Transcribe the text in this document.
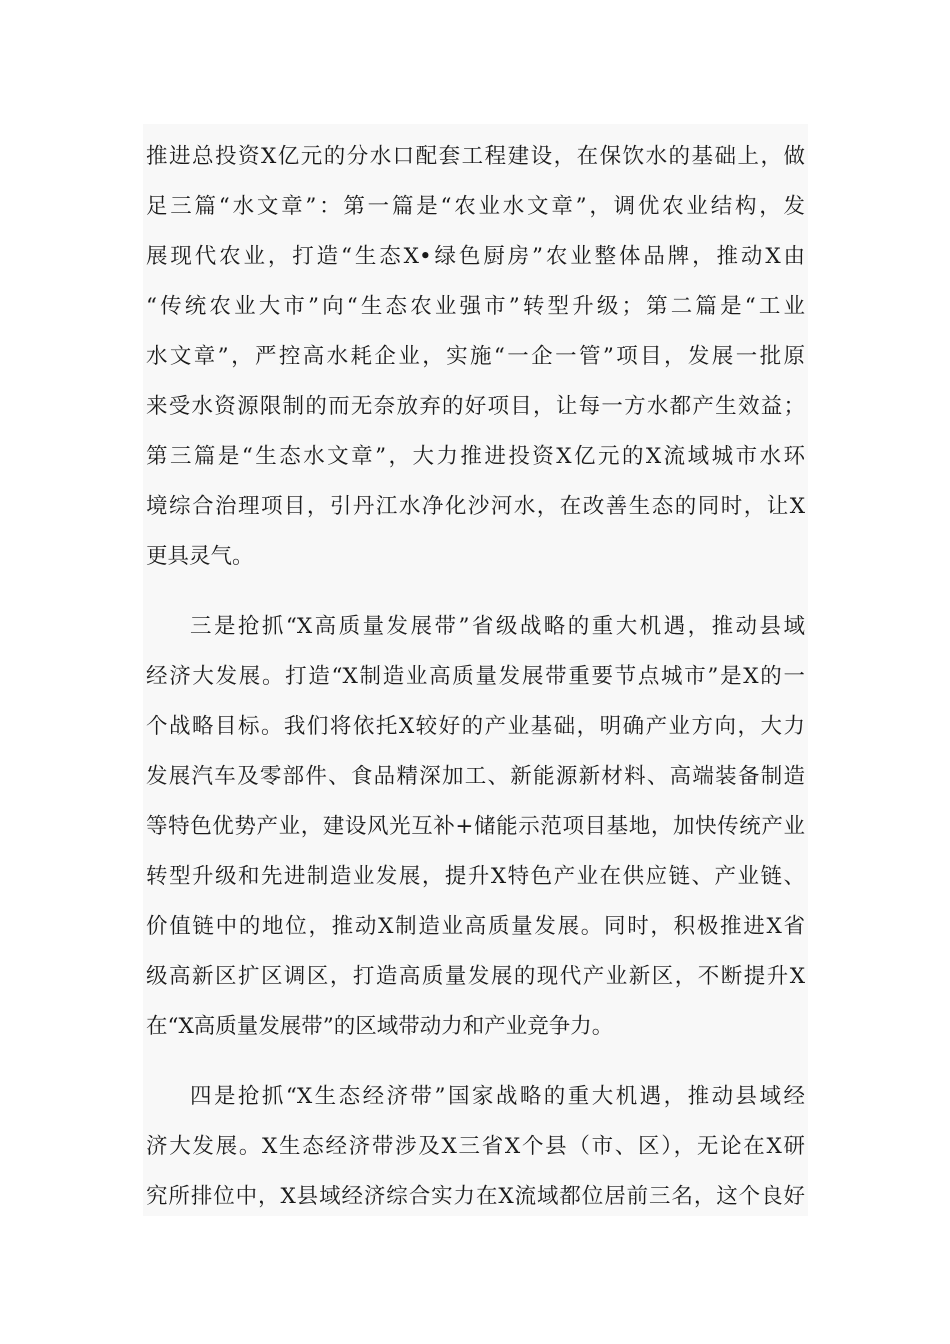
推进总投资X亿元的分水口配套工程建设，在保饮水的基础上，做
足三篇“水文章”：第一篇是“农业水文章”，调优农业结构，发
展现代农业，打造“生态X•绿色厨房”农业整体品牌，推动X由
“传统农业大市”向“生态农业强市”转型升级；第二篇是“工业
水文章”，严控高水耗企业，实施“一企一管”项目，发展一批原
来受水资源限制的而无奈放弃的好项目，让每一方水都产生效益；
第三篇是“生态水文章”，大力推进投资X亿元的X流域城市水环
境综合治理项目，引丹江水净化沙河水，在改善生态的同时，让X
更具灵气。
三是抢抓“X高质量发展带”省级战略的重大机遇，推动县域
经济大发展。打造“X制造业高质量发展带重要节点城市”是X的一
个战略目标。我们将依托X较好的产业基础，明确产业方向，大力
发展汽车及零部件、食品精深加工、新能源新材料、高端装备制造
等特色优势产业，建设风光互补+储能示范项目基地，加快传统产业
转型升级和先进制造业发展，提升X特色产业在供应链、产业链、
价值链中的地位，推动X制造业高质量发展。同时，积极推进X省
级高新区扩区调区，打造高质量发展的现代产业新区，不断提升X
在“X高质量发展带”的区域带动力和产业竞争力。
四是抢抓“X生态经济带”国家战略的重大机遇，推动县域经
济大发展。X生态经济带涉及X三省X个县（市、区），无论在X研
究所排位中，X县域经济综合实力在X流域都位居前三名，这个良好
